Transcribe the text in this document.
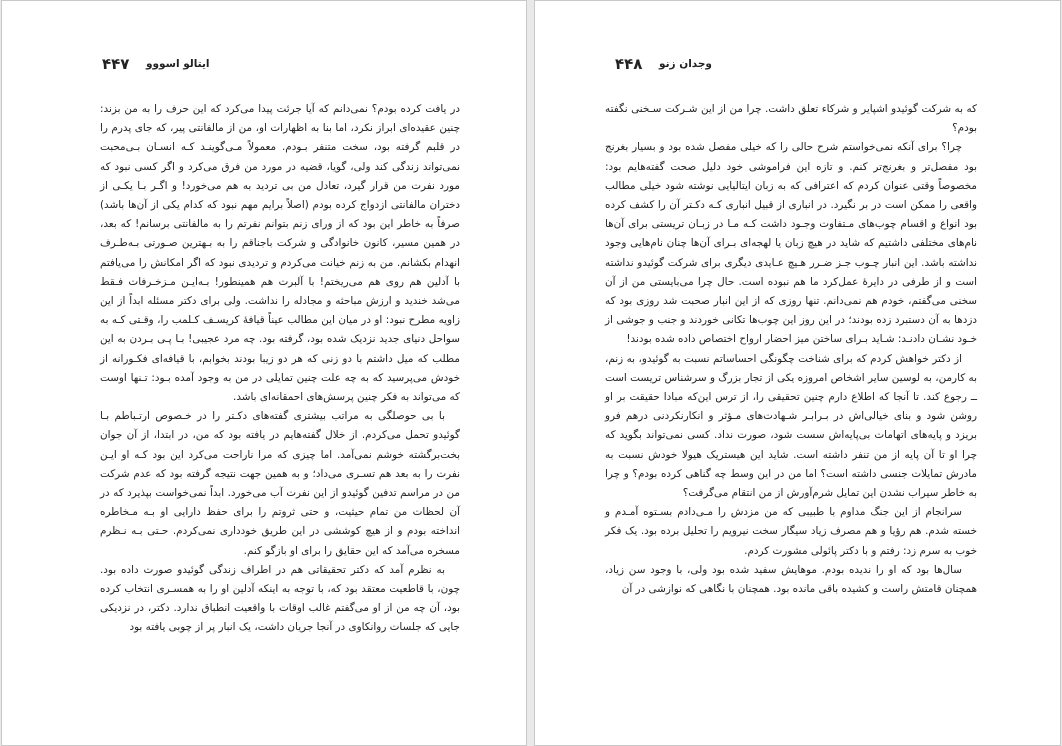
۴۴۷ ایتالو اسووو

در یافت کرده بودم؟ نمی‌دانم که آیا جرئت پیدا می‌کرد که این حرف را به من بزند: چنین عقیده‌ای ابراز نکرد، اما بنا به اظهارات او، من از مالفانتی پیر، که جای پدرم را در قلبم گرفته بود، سخت متنفر بـودم. معمولاً مـی‌گوینـد کـه انسـان بـی‌محبت نمی‌تواند زندگی کند ولی، گویا، قضیه در مورد من فرق می‌کرد و اگر کسی نبود که مورد نفرت من قرار گیرد، تعادل من بی تردید به هم می‌خورد! و اگـر بـا یکـی از دختران مالفانتی ازدواج کرده بودم (اصلاً برایم مهم نبود که کدام یکی از آن‌ها باشد) صرفاً به خاطر این بود که از ورای زنم بتوانم نفرتم را به مالفانتی برسانم! که بعد، در همین مسیر، کانون خانوادگی و شرکت باجناقم را به بـهترین صـورتی بـه‌طـرف انهدام بکشانم. من به زنم خیانت می‌کردم و تردیدی نبود که اگر امکانش را می‌یافتم با آدلین هم روی هم می‌ریختم! با آلبرت هم همینطور! بـه‌ایـن مـزخـرفات فـقط می‌شد خندید و ارزش مباحثه و مجادله را نداشت. ولی برای دکتر مسئله ابداً از این زاویه مطرح نبود: او در میان این مطالب عیناً قیافهٔ کریسـف کـلمب را، وقـتی کـه به سواحل دنیای جدید نزدیک شده بود، گرفته بود. چه مرد عجیبی! بـا پـی بـردن به این مطلب که میل داشتم با دو زنی که هر دو زیبا بودند بخوابم، با قیافه‌ای فکـورانه از خودش می‌پرسید که به چه علت چنین تمایلی در من به وجود آمده بـود: تـنها اوست که می‌تواند به فکر چنین پرسش‌های احمقانه‌ای باشد.

با بی حوصلگی به مراتب بیشتری گفته‌های دکـتر را در خـصوص ارتـباطم بـا گوئیدو تحمل می‌کردم. از خلال گفته‌هایم در یافته بود که من، در ابتدا، از آن جوان بخت‌برگشته خوشم نمی‌آمد. اما چیزی که مرا ناراحت می‌کرد این بود کـه او ایـن نفرت را به بعد هم تسـری می‌داد؛ و به همین جهت نتیجه گرفته بود که عدم شرکت من در مراسم تدفین گوئیدو از این نفرت آب می‌خورد. ابداً نمی‌خواست بپذیرد که در آن لحظات من تمام حیثیت، و حتی ثروتم را برای حفظ دارایی او بـه مـخاطره انداخته بودم و از هیچ کوششی در این طریق خودداری نمی‌کردم. حـتی بـه نـظرم مسخره می‌آمد که این حقایق را برای او بازگو کنم.

به نظرم آمد که دکتر تحقیقاتی هم در اطراف زندگی گوئیدو صورت داده بود. چون، با قاطعیت معتقد بود که، با توجه به اینکه آدلین او را به همسـری انتخاب کرده بود، آن چه من از او می‌گفتم غالب اوقات با واقعیت انطباق ندارد. دکتر، در نزدیکی جایی که جلسات روانکاوی در آنجا جریان داشت، یک انبار پر از چوبی یافته بود

۴۴۸ وجدان زنو

که به شرکت گوئیدو اشپایر و شرکاء تعلق داشت. چرا من از این شـرکت سـخنی نگفته بودم؟

چرا؟ برای آنکه نمی‌خواستم شرح حالی را که خیلی مفصل شده بود و بسیار بغرنج بود مفصل‌تر و بغرنج‌تر کنم. و تازه این فراموشی خود دلیل صحت گفته‌هایم بود: مخصوصاً وقتی عنوان کردم که اعترافی که به زبان ایتالیایی نوشته شود خیلی مطالب واقعی را ممکن است در بر نگیرد. در انباری از قبیل انباری کـه دکـتر آن را کشف کرده بود انواع و اقسام چوب‌های مـتفاوت وجـود داشت کـه مـا در زبـان تریستی برای آن‌ها نام‌های مختلفی داشتیم که شاید در هیچ زبان یا لهجه‌ای بـرای آن‌ها چنان نام‌هایی وجود نداشته باشد. این انبار چـوب جـز ضـرر هـیچ عـایدی دیگری برای شرکت گوئیدو نداشته است و از طرفی در دایرهٔ عمل‌کرد ما هم نبوده است. حال چرا می‌بایستی من از آن سخنی می‌گفتم، خودم هم نمی‌دانم. تنها روزی که از این انبار صحبت شد روزی بود که دزدها به آن دستبرد زده بودند؛ در این روز این چوب‌ها تکانی خوردند و جنب و جوشی از خـود نشـان دادنـد: شـاید بـرای ساختن میز احضار ارواح اختصاص داده شده بودند!

از دکتر خواهش کردم که برای شناخت چگونگی احساساتم نسبت به گوئیدو، به زنم، به کارمن، به لوسین سایر اشخاص امروزه یکی از تجار بزرگ و سرشناس تریست است ــ رجوع کند. تا آنجا که اطلاع دارم چنین تحقیقی را، از ترس این‌که مبادا حقیقت بر او روشن شود و بنای خیالی‌اش در بـرابـر شـهادت‌های مـؤثر و انکارنکردنی درهم فرو بریزد و پایه‌های اتهامات بی‌پایه‌اش سست شود، صورت نداد. کسی نمی‌تواند بگوید که چرا او تا آن پایه از من تنفر داشته است. شاید این هیستریک هیولا خودش نسبت به مادرش تمایلات جنسی داشته است؟ اما من در این وسط چه گناهی کرده بودم؟ و چرا به خاطر سیراب نشدن این تمایل شرم‌آورش از من انتقام می‌گرفت؟

سرانجام از این جنگ مداوم با طبیبی که من مزدش را مـی‌دادم بسـتوه آمـدم و خسته شدم. هم رؤیا و هم مصرف زیاد سیگار سخت نیرویم را تحلیل برده بود. یک فکر خوب به سرم زد: رفتم و با دکتر پائولی مشورت کردم.

سال‌ها بود که او را ندیده بودم. موهایش سفید شده بود ولی، با وجود سن زیاد، همچنان قامتش راست و کشیده باقی مانده بود. همچنان با نگاهی که نوازشی در آن
